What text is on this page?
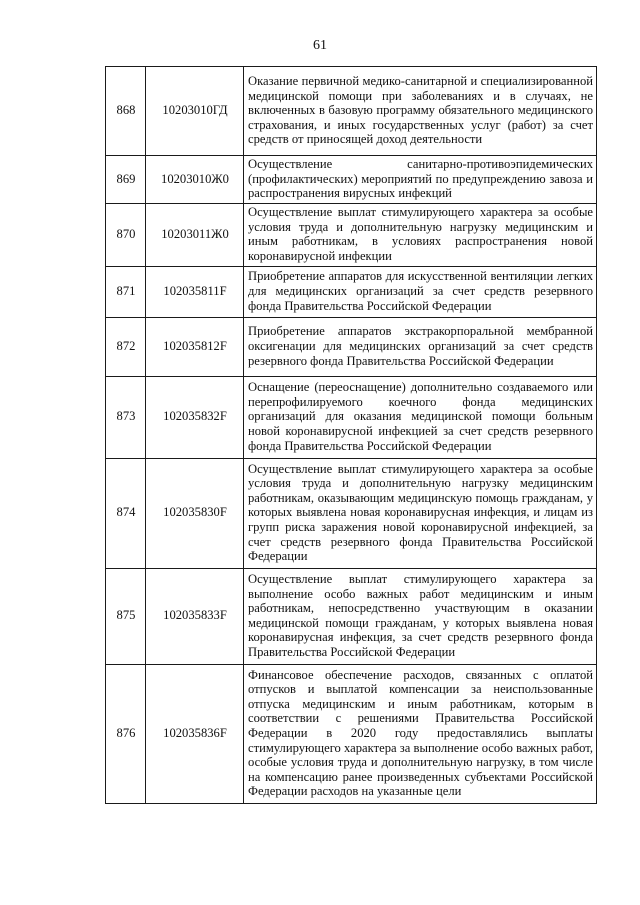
61
868	10203010ГД	Оказание первичной медико-санитарной и специализированной медицинской помощи при заболеваниях и в случаях, не включенных в базовую программу обязательного медицинского страхования, и иных государственных услуг (работ) за счет средств от приносящей доход деятельности
869	10203010Ж0	Осуществление санитарно-противоэпидемических (профилактических) мероприятий по предупреждению завоза и распространения вирусных инфекций
870	10203011Ж0	Осуществление выплат стимулирующего характера за особые условия труда и дополнительную нагрузку медицинским и иным работникам, в условиях распространения новой коронавирусной инфекции
871	102035811F	Приобретение аппаратов для искусственной вентиляции легких для медицинских организаций за счет средств резервного фонда Правительства Российской Федерации
872	102035812F	Приобретение аппаратов экстракорпоральной мембранной оксигенации для медицинских организаций за счет средств резервного фонда Правительства Российской Федерации
873	102035832F	Оснащение (переоснащение) дополнительно создаваемого или перепрофилируемого коечного фонда медицинских организаций для оказания медицинской помощи больным новой коронавирусной инфекцией за счет средств резервного фонда Правительства Российской Федерации
874	102035830F	Осуществление выплат стимулирующего характера за особые условия труда и дополнительную нагрузку медицинским работникам, оказывающим медицинскую помощь гражданам, у которых выявлена новая коронавирусная инфекция, и лицам из групп риска заражения новой коронавирусной инфекцией, за счет средств резервного фонда Правительства Российской Федерации
875	102035833F	Осуществление выплат стимулирующего характера за выполнение особо важных работ медицинским и иным работникам, непосредственно участвующим в оказании медицинской помощи гражданам, у которых выявлена новая коронавирусная инфекция, за счет средств резервного фонда Правительства Российской Федерации
876	102035836F	Финансовое обеспечение расходов, связанных с оплатой отпусков и выплатой компенсации за неиспользованные отпуска медицинским и иным работникам, которым в соответствии с решениями Правительства Российской Федерации в 2020 году предоставлялись выплаты стимулирующего характера за выполнение особо важных работ, особые условия труда и дополнительную нагрузку, в том числе на компенсацию ранее произведенных субъектами Российской Федерации расходов на указанные цели
